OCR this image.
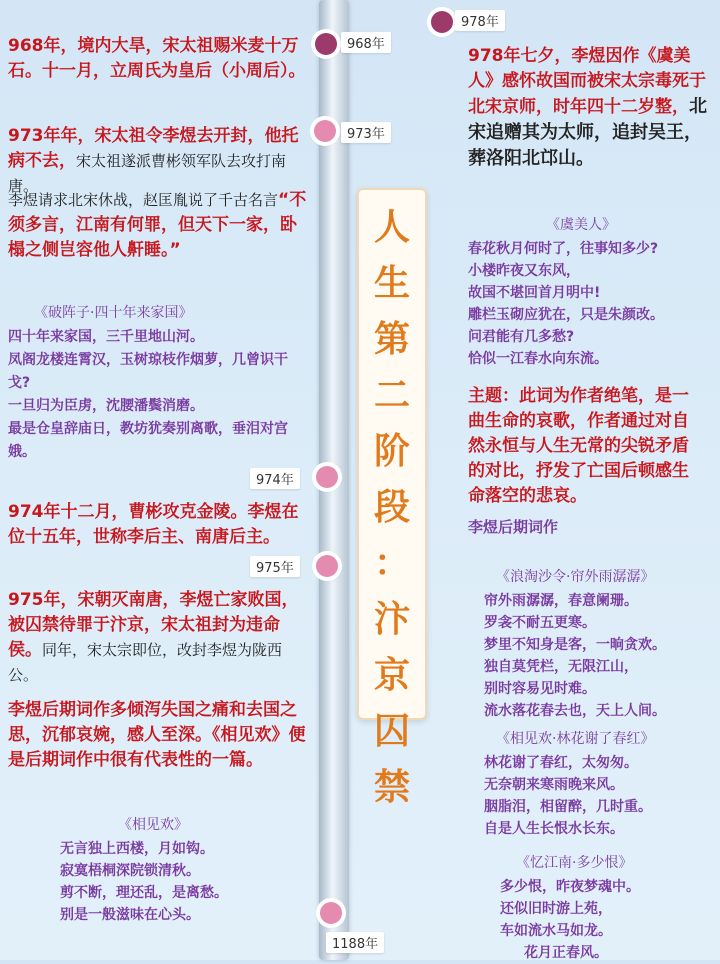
968年
978年
973年
974年
975年
1188年
人
生
第
二
阶
段
：
汴
京
囚
禁

968年，境内大旱，宋太祖赐米麦十万石。十一月，立周氏为皇后（小周后）。

973年年，宋太祖令李煜去开封，他托病不去，宋太祖遂派曹彬领军队去攻打南唐。

李煜请求北宋休战，赵匡胤说了千古名言“不须多言，江南有何罪，但天下一家，卧榻之侧岂容他人鼾睡。”

《破阵子·四十年来家国》

四十年来家国，三千里地山河。

凤阁龙楼连霄汉，玉树琼枝作烟萝，几曾识干戈?

一旦归为臣虏，沈腰潘鬓消磨。

最是仓皇辞庙日，教坊犹奏别离歌，垂泪对宫娥。

974年十二月，曹彬攻克金陵。李煜在位十五年，世称李后主、南唐后主。

975年，宋朝灭南唐，李煜亡家败国，被囚禁待罪于汴京，宋太祖封为违命侯。同年，宋太宗即位，改封李煜为陇西公。

李煜后期词作多倾泻失国之痛和去国之思，沉郁哀婉，感人至深。《相见欢》便是后期词作中很有代表性的一篇。

《相见欢》

无言独上西楼，月如钩。

寂寞梧桐深院锁清秋。

剪不断，理还乱，是离愁。

别是一般滋味在心头。

978年七夕，李煜因作《虞美人》感怀故国而被宋太宗毒死于北宋京师，时年四十二岁整，北宋追赠其为太师，追封吴王，葬洛阳北邙山。

《虞美人》

春花秋月何时了，往事知多少?

小楼昨夜又东风，

故国不堪回首月明中!

雕栏玉砌应犹在，只是朱颜改。

问君能有几多愁?

恰似一江春水向东流。

主题：此词为作者绝笔，是一曲生命的哀歌，作者通过对自然永恒与人生无常的尖锐矛盾的对比，抒发了亡国后顿感生命落空的悲哀。

李煜后期词作

《浪淘沙令·帘外雨潺潺》

帘外雨潺潺，春意阑珊。

罗衾不耐五更寒。

梦里不知身是客，一晌贪欢。

独自莫凭栏，无限江山，

别时容易见时难。

流水落花春去也，天上人间。

《相见欢·林花谢了春红》

林花谢了春红，太匆匆。

无奈朝来寒雨晚来风。

胭脂泪，相留醉，几时重。

自是人生长恨水长东。

《忆江南·多少恨》

多少恨，昨夜梦魂中。

还似旧时游上苑，

车如流水马如龙。

花月正春风。
